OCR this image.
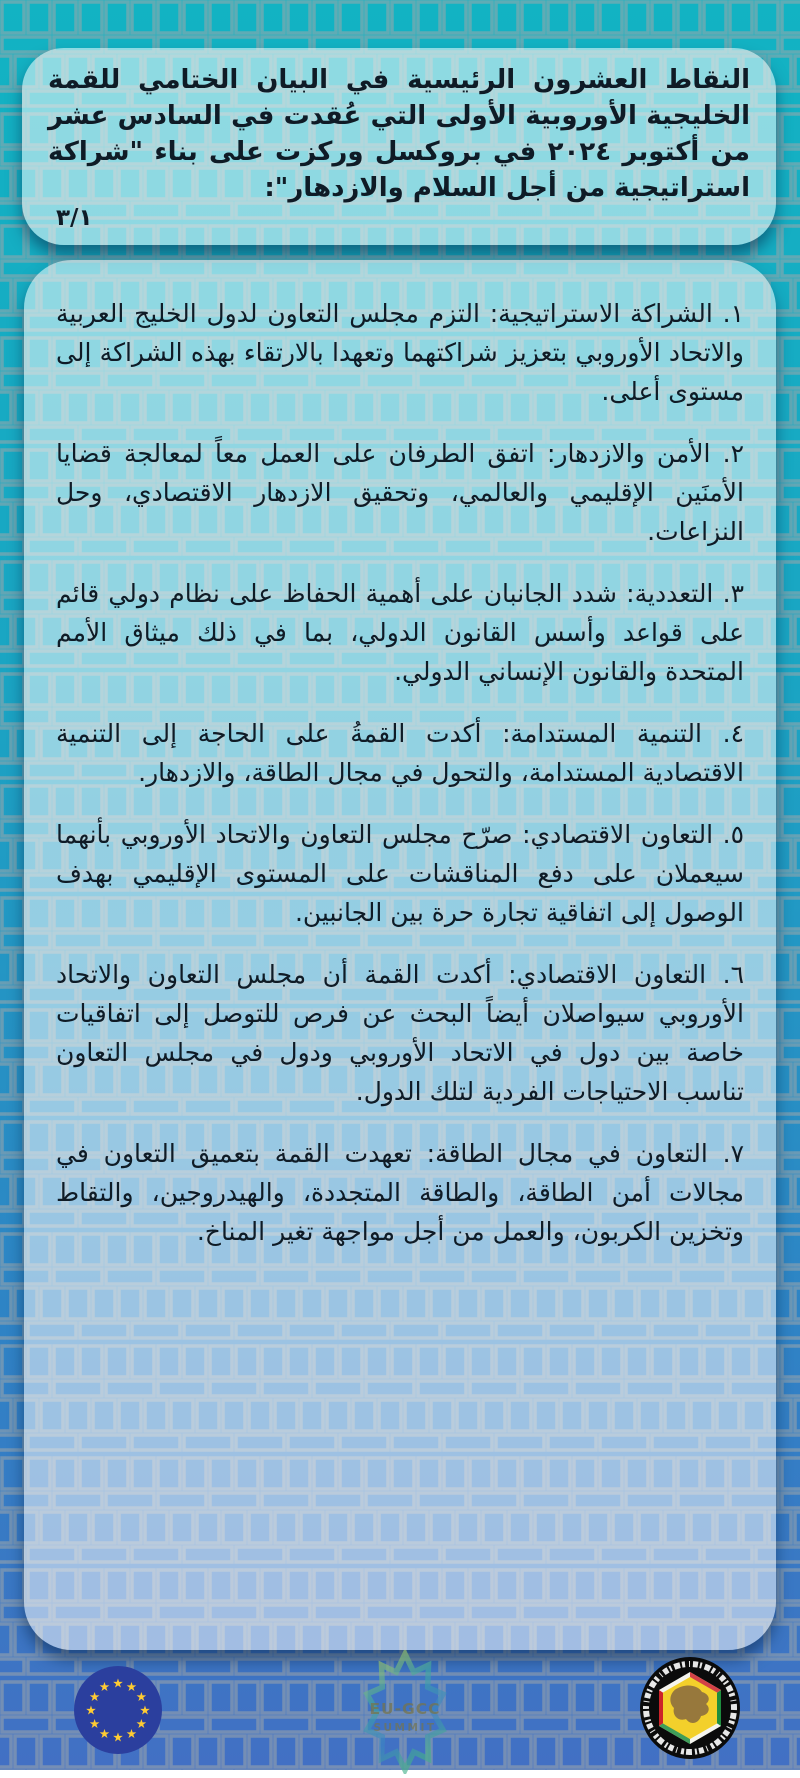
النقاط العشرون الرئيسية في البيان الختامي للقمة الخليجية الأوروبية الأولى التي عُقدت في السادس عشر من أكتوبر ٢٠٢٤ في بروكسل وركزت على بناء "شراكة استراتيجية من أجل السلام والازدهار":
٣/١

١. الشراكة الاستراتيجية: التزم مجلس التعاون لدول الخليج العربية والاتحاد الأوروبي بتعزيز شراكتهما وتعهدا بالارتقاء بهذه الشراكة إلى مستوى أعلى.

٢. الأمن والازدهار: اتفق الطرفان على العمل معاً لمعالجة قضايا الأمنَين الإقليمي والعالمي، وتحقيق الازدهار الاقتصادي، وحل النزاعات.

٣. التعددية: شدد الجانبان على أهمية الحفاظ على نظام دولي قائم على قواعد وأسس القانون الدولي، بما في ذلك ميثاق الأمم المتحدة والقانون الإنساني الدولي.

٤. التنمية المستدامة: أكدت القمةُ على الحاجة إلى التنمية الاقتصادية المستدامة، والتحول في مجال الطاقة، والازدهار.

٥. التعاون الاقتصادي: صرّح مجلس التعاون والاتحاد الأوروبي بأنهما سيعملان على دفع المناقشات على المستوى الإقليمي بهدف الوصول إلى اتفاقية تجارة حرة بين الجانبين.

٦. التعاون الاقتصادي: أكدت القمة أن مجلس التعاون والاتحاد الأوروبي سيواصلان أيضاً البحث عن فرص للتوصل إلى اتفاقيات خاصة بين دول في الاتحاد الأوروبي ودول في مجلس التعاون تناسب الاحتياجات الفردية لتلك الدول.

٧. التعاون في مجال الطاقة: تعهدت القمة بتعميق التعاون في مجالات أمن الطاقة، والطاقة المتجددة، والهيدروجين، والتقاط وتخزين الكربون، والعمل من أجل مواجهة تغير المناخ.

★ ★
★
★
★
★
★
★
★
★
★
★
EU-GCC
SUMMIT
